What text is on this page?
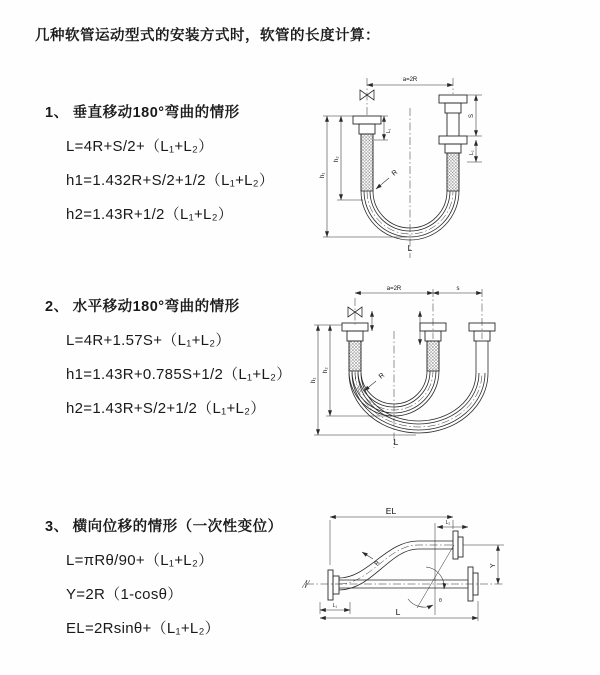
几种软管运动型式的安装方式时，软管的长度计算：
1、 垂直移动180°弯曲的情形
L=4R+S/2+（L₁+L₂）
h1=1.432R+S/2+1/2（L₁+L₂）
h2=1.43R+1/2（L₁+L₂）
2、 水平移动180°弯曲的情形
L=4R+1.57S+（L₁+L₂）
h1=1.43R+0.785S+1/2（L₁+L₂）
h2=1.43R+S/2+1/2（L₁+L₂）
3、 横向位移的情形（一次性变位）
L=πRθ/90+（L₁+L₂）
Y=2R（1-cosθ）
EL=2Rsinθ+（L₁+L₂）
a=2R
h₁
h₂
L₁
S
L₂
R
L
a=2R	s
h₁
h₂
R
L
EL
L₂
Y
θ
R
L₁
L
